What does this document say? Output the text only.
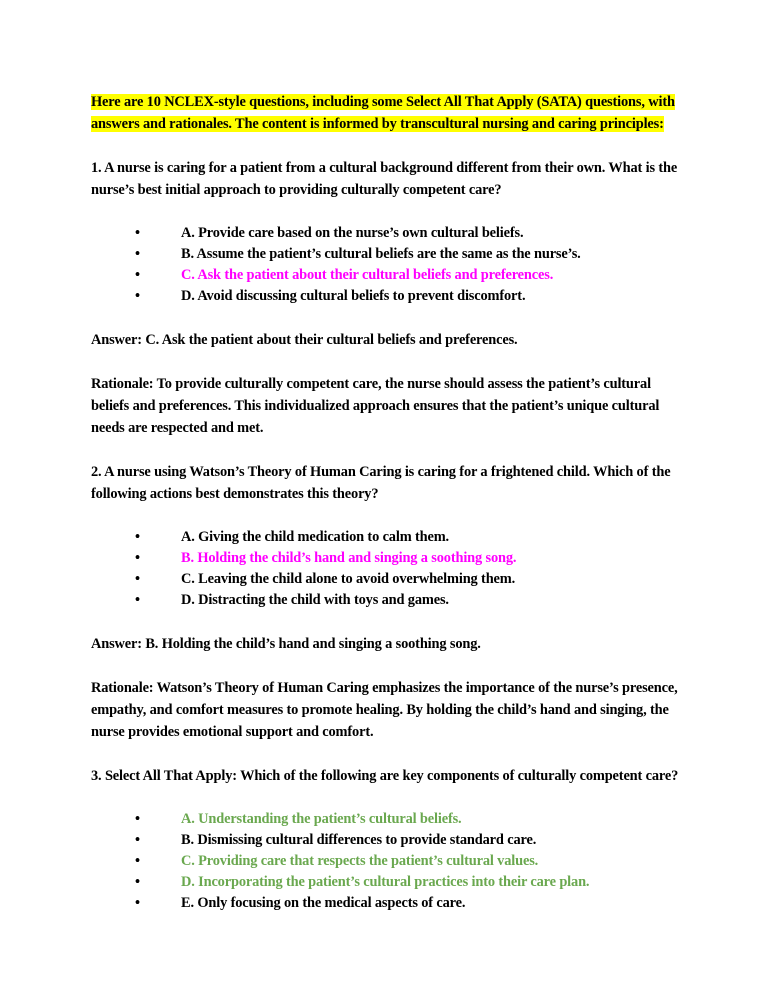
Here are 10 NCLEX-style questions, including some Select All That Apply (SATA) questions, with answers and rationales. The content is informed by transcultural nursing and caring principles:

1. A nurse is caring for a patient from a cultural background different from their own. What is the nurse’s best initial approach to providing culturally competent care?

•	A. Provide care based on the nurse’s own cultural beliefs.
•	B. Assume the patient’s cultural beliefs are the same as the nurse’s.
•	C. Ask the patient about their cultural beliefs and preferences.
•	D. Avoid discussing cultural beliefs to prevent discomfort.

Answer: C. Ask the patient about their cultural beliefs and preferences.

Rationale: To provide culturally competent care, the nurse should assess the patient’s cultural beliefs and preferences. This individualized approach ensures that the patient’s unique cultural needs are respected and met.

2. A nurse using Watson’s Theory of Human Caring is caring for a frightened child. Which of the following actions best demonstrates this theory?

•	A. Giving the child medication to calm them.
•	B. Holding the child’s hand and singing a soothing song.
•	C. Leaving the child alone to avoid overwhelming them.
•	D. Distracting the child with toys and games.

Answer: B. Holding the child’s hand and singing a soothing song.

Rationale: Watson’s Theory of Human Caring emphasizes the importance of the nurse’s presence, empathy, and comfort measures to promote healing. By holding the child’s hand and singing, the nurse provides emotional support and comfort.

3. Select All That Apply: Which of the following are key components of culturally competent care?

•	A. Understanding the patient’s cultural beliefs.
•	B. Dismissing cultural differences to provide standard care.
•	C. Providing care that respects the patient’s cultural values.
•	D. Incorporating the patient’s cultural practices into their care plan.
•	E. Only focusing on the medical aspects of care.
